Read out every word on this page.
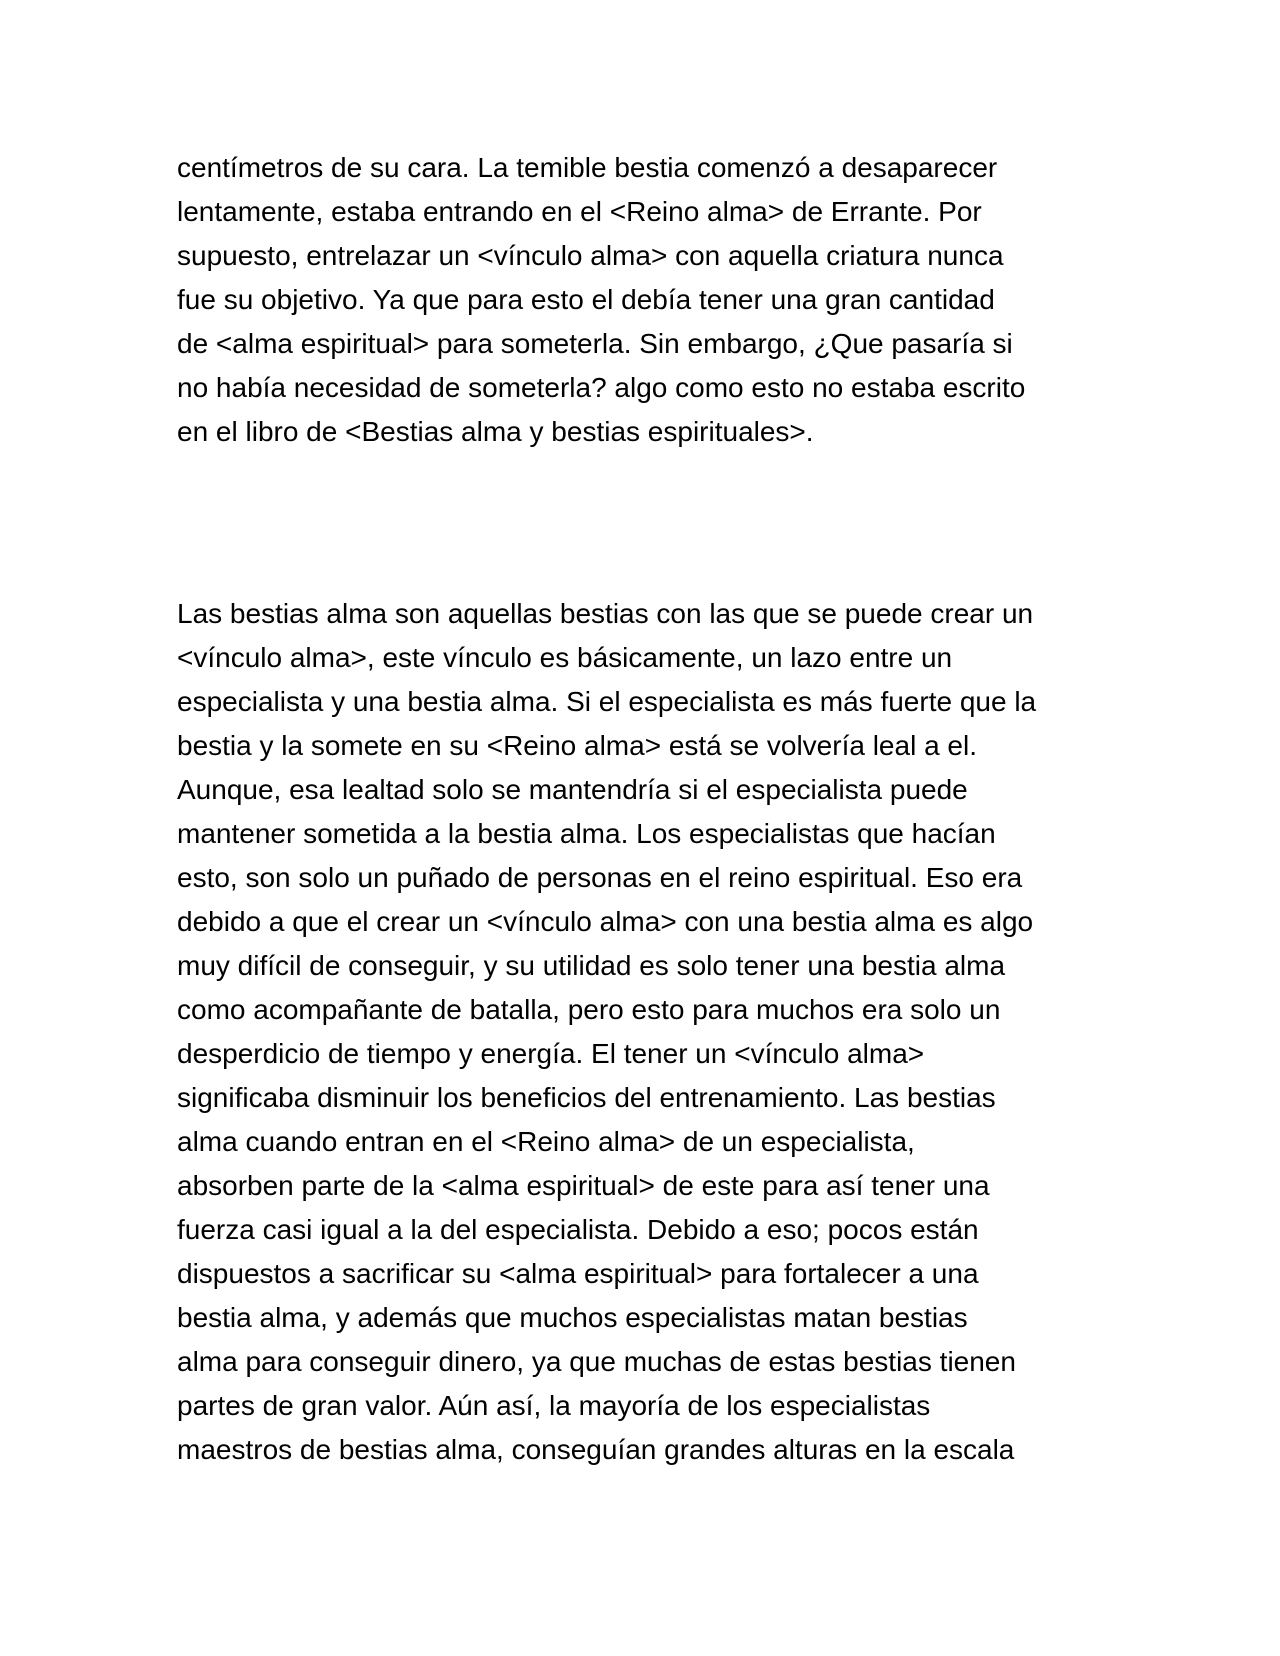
centímetros de su cara. La temible bestia comenzó a desaparecer
lentamente, estaba entrando en el <Reino alma> de Errante. Por
supuesto, entrelazar un <vínculo alma> con aquella criatura nunca
fue su objetivo. Ya que para esto el debía tener una gran cantidad
de <alma espiritual> para someterla. Sin embargo, ¿Que pasaría si
no había necesidad de someterla? algo como esto no estaba escrito
en el libro de <Bestias alma y bestias espirituales>.
Las bestias alma son aquellas bestias con las que se puede crear un
<vínculo alma>, este vínculo es básicamente, un lazo entre un
especialista y una bestia alma. Si el especialista es más fuerte que la
bestia y la somete en su <Reino alma> está se volvería leal a el.
Aunque, esa lealtad solo se mantendría si el especialista puede
mantener sometida a la bestia alma. Los especialistas que hacían
esto, son solo un puñado de personas en el reino espiritual. Eso era
debido a que el crear un <vínculo alma> con una bestia alma es algo
muy difícil de conseguir, y su utilidad es solo tener una bestia alma
como acompañante de batalla, pero esto para muchos era solo un
desperdicio de tiempo y energía. El tener un <vínculo alma>
significaba disminuir los beneficios del entrenamiento. Las bestias
alma cuando entran en el <Reino alma> de un especialista,
absorben parte de la <alma espiritual> de este para así tener una
fuerza casi igual a la del especialista. Debido a eso; pocos están
dispuestos a sacrificar su <alma espiritual> para fortalecer a una
bestia alma, y además que muchos especialistas matan bestias
alma para conseguir dinero, ya que muchas de estas bestias tienen
partes de gran valor. Aún así, la mayoría de los especialistas
maestros de bestias alma, conseguían grandes alturas en la escala
